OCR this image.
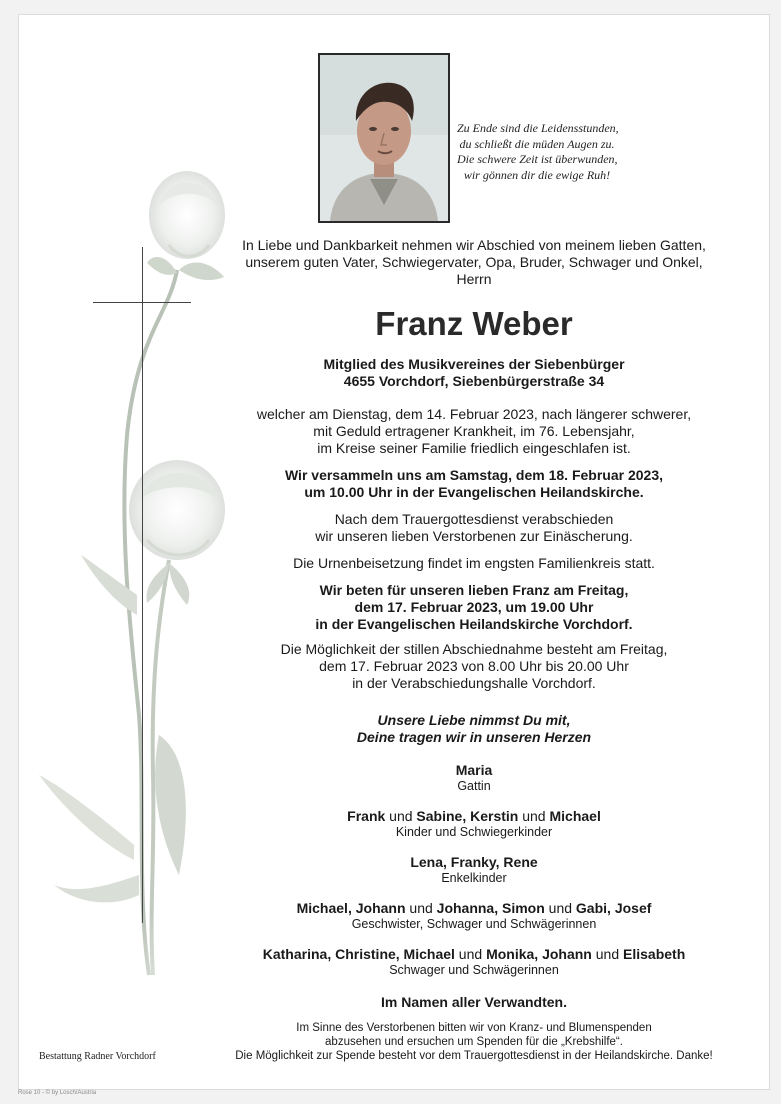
Zu Ende sind die Leidensstunden,
du schließt die müden Augen zu.
Die schwere Zeit ist überwunden,
wir gönnen dir die ewige Ruh!
In Liebe und Dankbarkeit nehmen wir Abschied von meinem lieben Gatten,
unserem guten Vater, Schwiegervater, Opa, Bruder, Schwager und Onkel,
Herrn
Franz Weber
Mitglied des Musikvereines der Siebenbürger
4655 Vorchdorf, Siebenbürgerstraße 34
welcher am Dienstag, dem 14. Februar 2023, nach längerer schwerer,
mit Geduld ertragener Krankheit, im 76. Lebensjahr,
im Kreise seiner Familie friedlich eingeschlafen ist.
Wir versammeln uns am Samstag, dem 18. Februar 2023,
um 10.00 Uhr in der Evangelischen Heilandskirche.
Nach dem Trauergottesdienst verabschieden
wir unseren lieben Verstorbenen zur Einäscherung.
Die Urnenbeisetzung findet im engsten Familienkreis statt.
Wir beten für unseren lieben Franz am Freitag,
dem 17. Februar 2023, um 19.00 Uhr
in der Evangelischen Heilandskirche Vorchdorf.
Die Möglichkeit der stillen Abschiednahme besteht am Freitag,
dem 17. Februar 2023 von 8.00 Uhr bis 20.00 Uhr
in der Verabschiedungshalle Vorchdorf.
Unsere Liebe nimmst Du mit,
Deine tragen wir in unseren Herzen
Maria
Gattin
Frank und Sabine, Kerstin und Michael
Kinder und Schwiegerkinder
Lena, Franky, Rene
Enkelkinder
Michael, Johann und Johanna, Simon und Gabi, Josef
Geschwister, Schwager und Schwägerinnen
Katharina, Christine, Michael und Monika, Johann und Elisabeth
Schwager und Schwägerinnen
Im Namen aller Verwandten.
Im Sinne des Verstorbenen bitten wir von Kranz- und Blumenspenden
abzusehen und ersuchen um Spenden für die „Krebshilfe“.
Die Möglichkeit zur Spende besteht vor dem Trauergottesdienst in der Heilandskirche. Danke!
Bestattung Radner Vorchdorf
Rose 10 - © by Losch/Austria
